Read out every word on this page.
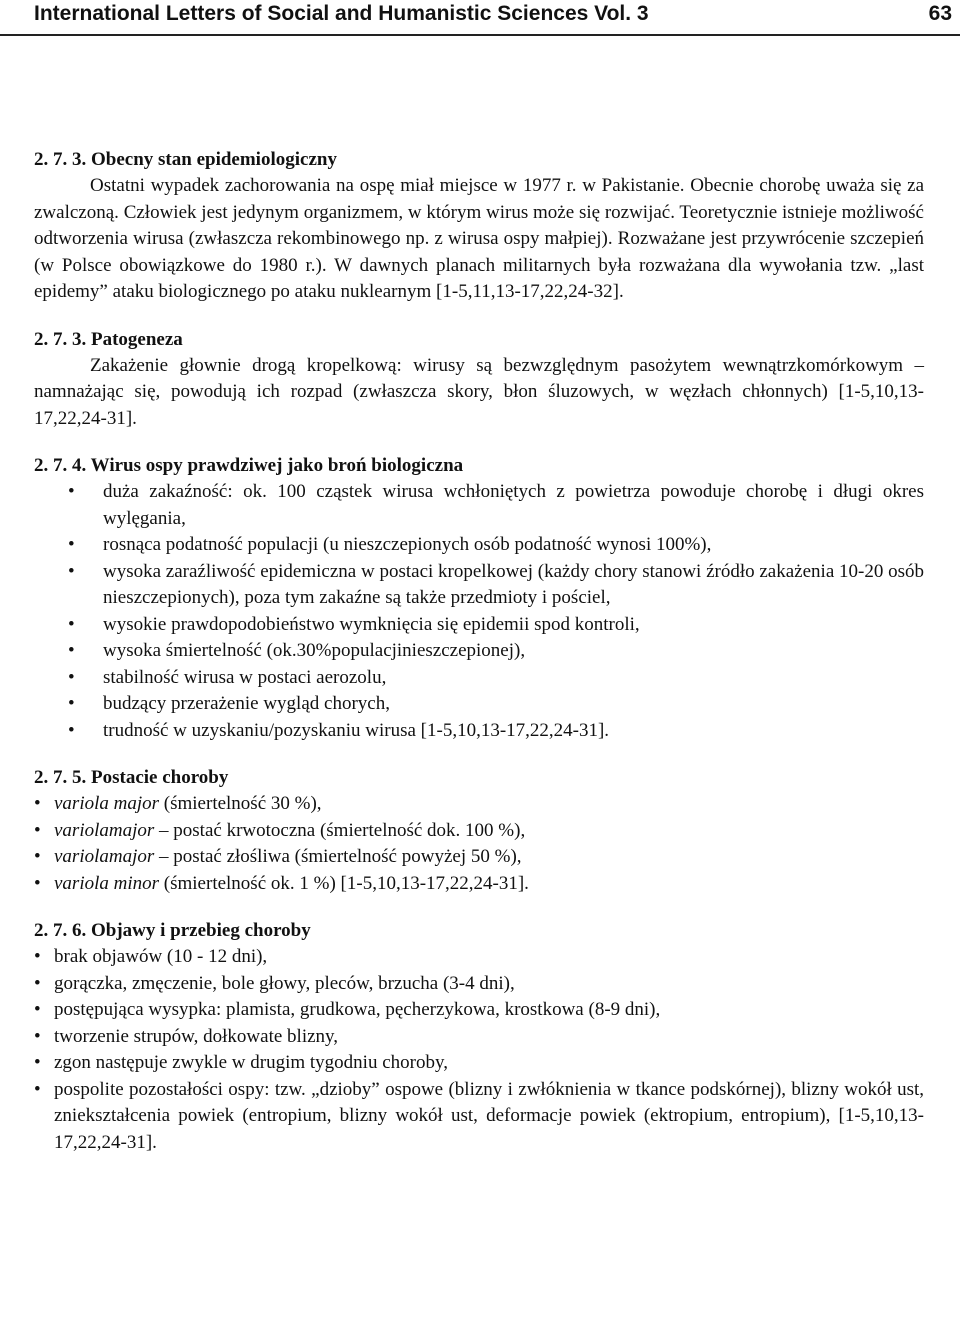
International Letters of Social and Humanistic Sciences Vol. 3	63
2. 7. 3. Obecny stan epidemiologiczny

Ostatni wypadek zachorowania na ospę miał miejsce w 1977 r. w Pakistanie. Obecnie chorobę uważa się za zwalczoną. Człowiek jest jedynym organizmem, w którym wirus może się rozwijać. Teoretycznie istnieje możliwość odtworzenia wirusa (zwłaszcza rekombinowego np. z wirusa ospy małpiej). Rozważane jest przywrócenie szczepień (w Polsce obowiązkowe do 1980 r.). W dawnych planach militarnych była rozważana dla wywołania tzw. „last epidemy” ataku biologicznego po ataku nuklearnym [1-5,11,13-17,22,24-32].

2. 7. 3. Patogeneza

Zakażenie głownie drogą kropelkową: wirusy są bezwzględnym pasożytem wewnątrzkomórkowym – namnażając się, powodują ich rozpad (zwłaszcza skory, błon śluzowych, w węzłach chłonnych) [1-5,10,13-17,22,24-31].

2. 7. 4. Wirus ospy prawdziwej jako broń biologiczna
• duża zakaźność: ok. 100 cząstek wirusa wchłoniętych z powietrza powoduje chorobę i długi okres wylęgania,
• rosnąca podatność populacji (u nieszczepionych osób podatność wynosi 100%),
• wysoka zaraźliwość epidemiczna w postaci kropelkowej (każdy chory stanowi źródło zakażenia 10-20 osób nieszczepionych), poza tym zakaźne są także przedmioty i pościel,
• wysokie prawdopodobieństwo wymknięcia się epidemii spod kontroli,
• wysoka śmiertelność (ok.30%populacjinieszczepionej),
• stabilność wirusa w postaci aerozolu,
• budzący przerażenie wygląd chorych,
• trudność w uzyskaniu/pozyskaniu wirusa [1-5,10,13-17,22,24-31].
2. 7. 5. Postacie choroby
• variola major (śmiertelność 30 %),
• variolamajor – postać krwotoczna (śmiertelność dok. 100 %),
• variolamajor – postać złośliwa (śmiertelność powyżej 50 %),
• variola minor (śmiertelność ok. 1 %) [1-5,10,13-17,22,24-31].
2. 7. 6. Objawy i przebieg choroby
• brak objawów (10 - 12 dni),
• gorączka, zmęczenie, bole głowy, pleców, brzucha (3-4 dni),
• postępująca wysypka: plamista, grudkowa, pęcherzykowa, krostkowa (8-9 dni),
• tworzenie strupów, dołkowate blizny,
• zgon następuje zwykle w drugim tygodniu choroby,
• pospolite pozostałości ospy: tzw. „dzioby” ospowe (blizny i zwłóknienia w tkance podskórnej), blizny wokół ust, zniekształcenia powiek (entropium, blizny wokół ust, deformacje powiek (ektropium, entropium), [1-5,10,13-17,22,24-31].
